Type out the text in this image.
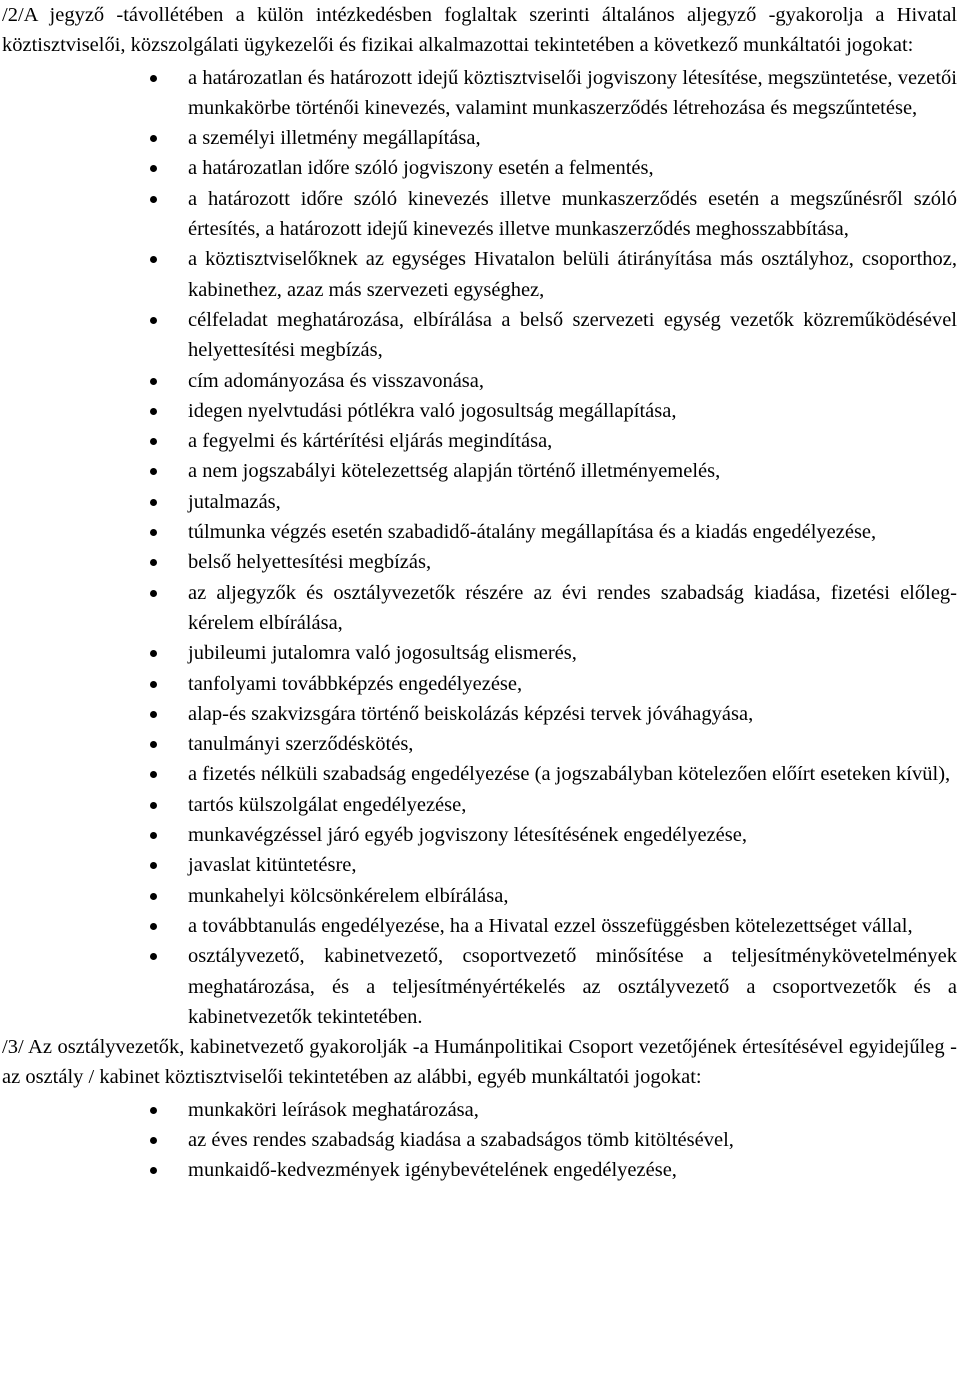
/2/A jegyző -távollétében a külön intézkedésben foglaltak szerinti általános aljegyző -gyakorolja a Hivatal köztisztviselői, közszolgálati ügykezelői és fizikai alkalmazottai tekintetében a következő munkáltatói jogokat:

a határozatlan és határozott idejű köztisztviselői jogviszony létesítése, megszüntetése, vezetői munkakörbe történői kinevezés, valamint munkaszerződés létrehozása és megszűntetése,
a személyi illetmény megállapítása,
a határozatlan időre szóló jogviszony esetén a felmentés,
a határozott időre szóló kinevezés illetve munkaszerződés esetén a megszűnésről szóló értesítés, a határozott idejű kinevezés illetve munkaszerződés meghosszabbítása,
a köztisztviselőknek az egységes Hivatalon belüli átirányítása más osztályhoz, csoporthoz, kabinethez, azaz más szervezeti egységhez,
célfeladat meghatározása, elbírálása a belső szervezeti egység vezetők közreműködésével helyettesítési megbízás,
cím adományozása és visszavonása,
idegen nyelvtudási pótlékra való jogosultság megállapítása,
a fegyelmi és kártérítési eljárás megindítása,
a nem jogszabályi kötelezettség alapján történő illetményemelés,
jutalmazás,
túlmunka végzés esetén szabadidő-átalány megállapítása és a kiadás engedélyezése,
belső helyettesítési megbízás,
az aljegyzők és osztályvezetők részére az évi rendes szabadság kiadása, fizetési előleg-kérelem elbírálása,
jubileumi jutalomra való jogosultság elismerés,
tanfolyami továbbképzés engedélyezése,
alap-és szakvizsgára történő beiskolázás képzési tervek jóváhagyása,
tanulmányi szerződéskötés,
a fizetés nélküli szabadság engedélyezése (a jogszabályban kötelezően előírt eseteken kívül),
tartós külszolgálat engedélyezése,
munkavégzéssel járó egyéb jogviszony létesítésének engedélyezése,
javaslat kitüntetésre,
munkahelyi kölcsönkérelem elbírálása,
a továbbtanulás engedélyezése, ha a Hivatal ezzel összefüggésben kötelezettséget vállal,
osztályvezető, kabinetvezető, csoportvezető minősítése a teljesítménykövetelmények meghatározása, és a teljesítményértékelés az osztályvezető a csoportvezetők és a kabinetvezetők tekintetében.

/3/ Az osztályvezetők, kabinetvezető gyakorolják -a Humánpolitikai Csoport vezetőjének értesítésével egyidejűleg -az osztály / kabinet köztisztviselői tekintetében az alábbi, egyéb munkáltatói jogokat:

munkaköri leírások meghatározása,
az éves rendes szabadság kiadása a szabadságos tömb kitöltésével,
munkaidő-kedvezmények igénybevételének engedélyezése,
